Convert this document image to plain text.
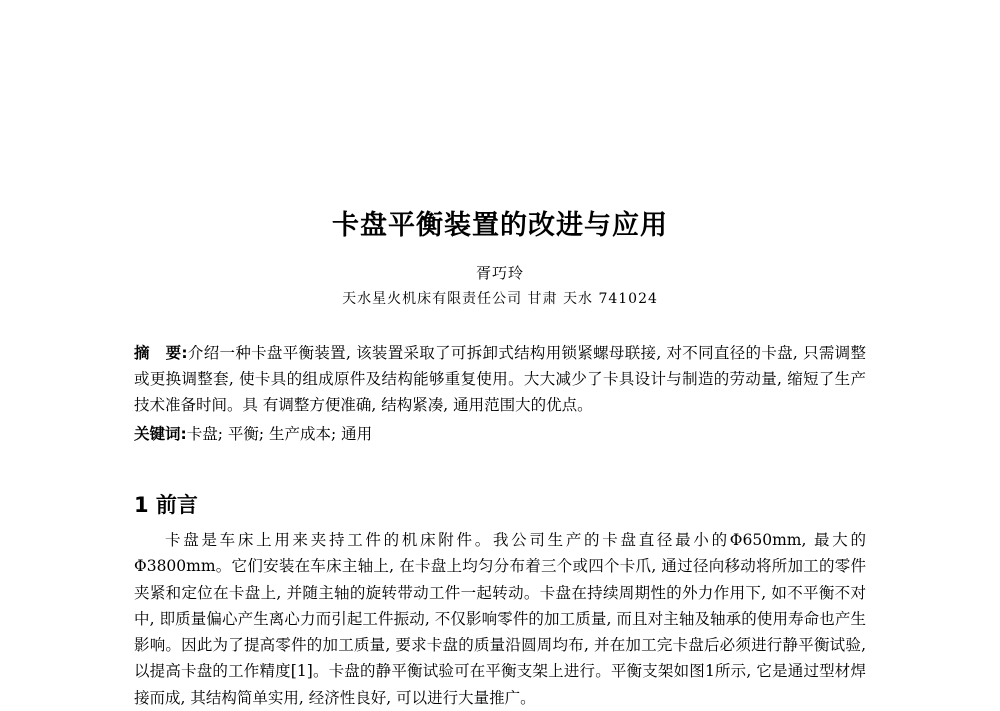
卡盘平衡装置的改进与应用
胥巧玲
天水星火机床有限责任公司 甘肃 天水 741024
摘　要:介绍一种卡盘平衡装置, 该装置采取了可拆卸式结构用锁紧螺母联接, 对不同直径的卡盘, 只需调整或更换调整套, 使卡具的组成原件及结构能够重复使用。大大减少了卡具设计与制造的劳动量, 缩短了生产技术准备时间。具 有调整方便准确, 结构紧凑, 通用范围大的优点。
关键词:卡盘; 平衡; 生产成本; 通用
1 前言
卡盘是车床上用来夹持工件的机床附件。我公司生产的卡盘直径最小的Φ650mm, 最大的Φ3800mm。它们安装在车床主轴上, 在卡盘上均匀分布着三个或四个卡爪, 通过径向移动将所加工的零件夹紧和定位在卡盘上, 并随主轴的旋转带动工件一起转动。卡盘在持续周期性的外力作用下, 如不平衡不对中, 即质量偏心产生离心力而引起工件振动, 不仅影响零件的加工质量, 而且对主轴及轴承的使用寿命也产生影响。因此为了提高零件的加工质量, 要求卡盘的质量沿圆周均布, 并在加工完卡盘后必须进行静平衡试验, 以提高卡盘的工作精度[1]。卡盘的静平衡试验可在平衡支架上进行。平衡支架如图1所示, 它是通过型材焊接而成, 其结构简单实用, 经济性良好, 可以进行大量推广。
